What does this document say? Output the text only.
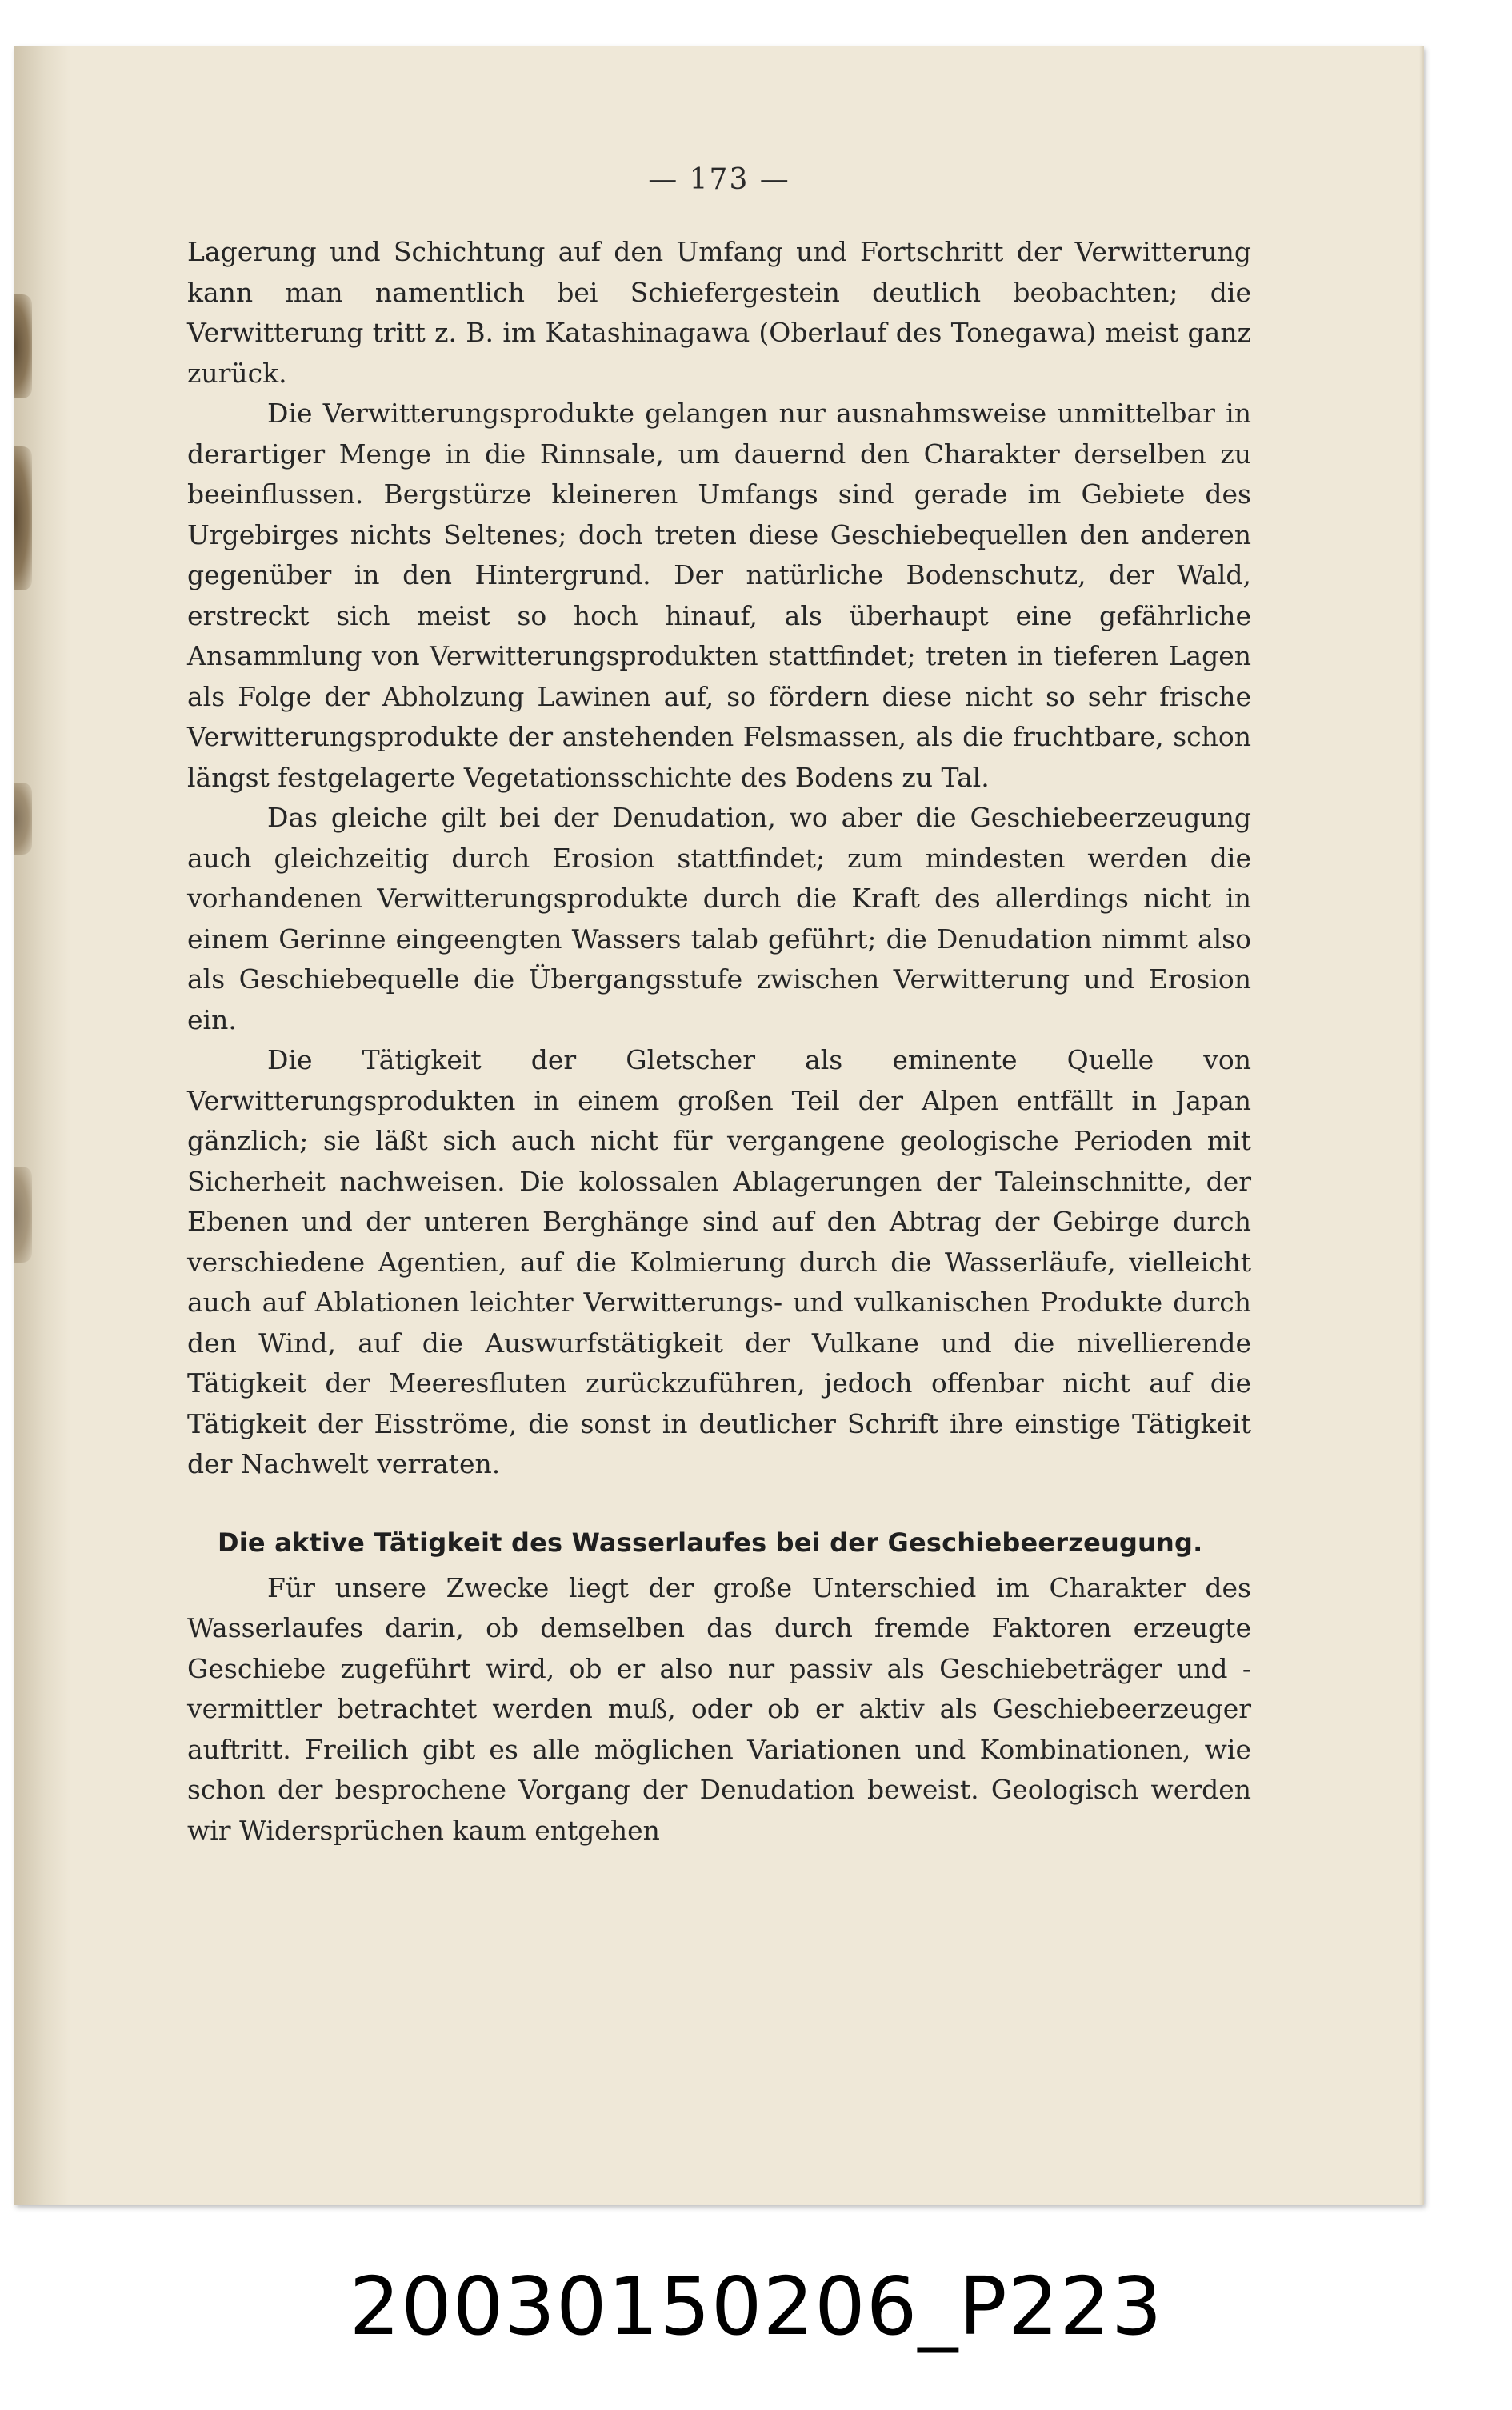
— 173 —

Lagerung und Schichtung auf den Umfang und Fortschritt der Verwitterung kann man namentlich bei Schiefergestein deutlich beobachten; die Verwitterung tritt z. B. im Katashinagawa (Oberlauf des Tonegawa) meist ganz zurück.

Die Verwitterungsprodukte gelangen nur ausnahmsweise unmittelbar in derartiger Menge in die Rinnsale, um dauernd den Charakter derselben zu beeinflussen. Bergstürze kleineren Umfangs sind gerade im Gebiete des Urgebirges nichts Seltenes; doch treten diese Geschiebequellen den anderen gegenüber in den Hintergrund. Der natürliche Bodenschutz, der Wald, erstreckt sich meist so hoch hinauf, als überhaupt eine gefährliche Ansammlung von Verwitterungsprodukten stattfindet; treten in tieferen Lagen als Folge der Abholzung Lawinen auf, so fördern diese nicht so sehr frische Verwitterungsprodukte der anstehenden Felsmassen, als die fruchtbare, schon längst festgelagerte Vegetationsschichte des Bodens zu Tal.

Das gleiche gilt bei der Denudation, wo aber die Geschiebeerzeugung auch gleichzeitig durch Erosion stattfindet; zum mindesten werden die vorhandenen Verwitterungsprodukte durch die Kraft des allerdings nicht in einem Gerinne eingeengten Wassers talab geführt; die Denudation nimmt also als Geschiebequelle die Übergangsstufe zwischen Verwitterung und Erosion ein.

Die Tätigkeit der Gletscher als eminente Quelle von Verwitterungsprodukten in einem großen Teil der Alpen entfällt in Japan gänzlich; sie läßt sich auch nicht für vergangene geologische Perioden mit Sicherheit nachweisen. Die kolossalen Ablagerungen der Taleinschnitte, der Ebenen und der unteren Berghänge sind auf den Abtrag der Gebirge durch verschiedene Agentien, auf die Kolmierung durch die Wasserläufe, vielleicht auch auf Ablationen leichter Verwitterungs- und vulkanischen Produkte durch den Wind, auf die Auswurfstätigkeit der Vulkane und die nivellierende Tätigkeit der Meeresfluten zurückzuführen, jedoch offenbar nicht auf die Tätigkeit der Eisströme, die sonst in deutlicher Schrift ihre einstige Tätigkeit der Nachwelt verraten.

Die aktive Tätigkeit des Wasserlaufes bei der Geschiebeerzeugung.

Für unsere Zwecke liegt der große Unterschied im Charakter des Wasserlaufes darin, ob demselben das durch fremde Faktoren erzeugte Geschiebe zugeführt wird, ob er also nur passiv als Geschiebeträger und -vermittler betrachtet werden muß, oder ob er aktiv als Geschiebeerzeuger auftritt. Freilich gibt es alle möglichen Variationen und Kombinationen, wie schon der besprochene Vorgang der Denudation beweist. Geologisch werden wir Widersprüchen kaum entgehen

20030150206_P223
